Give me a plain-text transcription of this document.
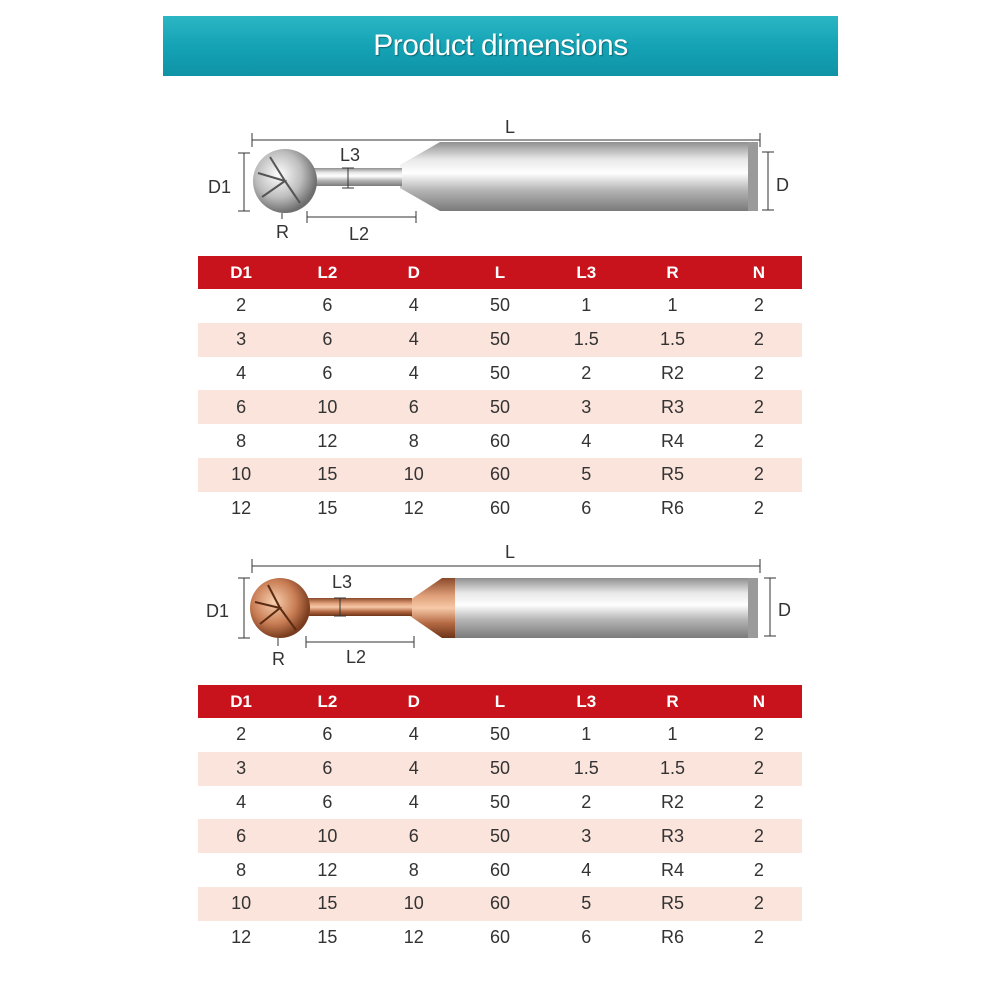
Product dimensions
L
L3
D1	D
R	L2
D1	L2	D	L	L3	R	N
2	6	4	50	1	1	2
3	6	4	50	1.5	1.5	2
4	6	4	50	2	R2	2
6	10	6	50	3	R3	2
8	12	8	60	4	R4	2
10	15	10	60	5	R5	2
12	15	12	60	6	R6	2
L
L3
D1	D
R	L2
D1	L2	D	L	L3	R	N
2	6	4	50	1	1	2
3	6	4	50	1.5	1.5	2
4	6	4	50	2	R2	2
6	10	6	50	3	R3	2
8	12	8	60	4	R4	2
10	15	10	60	5	R5	2
12	15	12	60	6	R6	2
